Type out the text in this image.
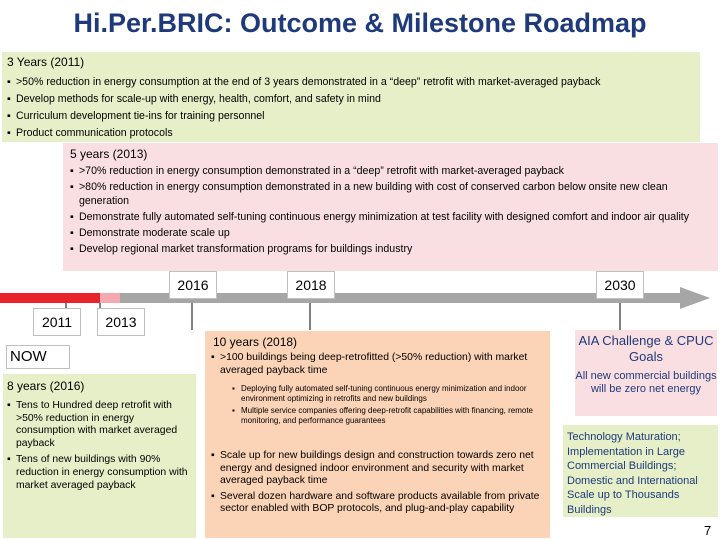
Hi.Per.BRIC: Outcome & Milestone Roadmap
3 Years (2011)
▪ >50% reduction in energy consumption at the end of 3 years demonstrated in a “deep” retrofit with market-averaged payback
▪ Develop methods for scale-up with energy, health, comfort, and safety in mind
▪ Curriculum development tie-ins for training personnel
▪ Product communication protocols
5 years (2013)
▪ >70% reduction in energy consumption demonstrated in a “deep” retrofit with market-averaged payback
▪ >80% reduction in energy consumption demonstrated in a new building with cost of conserved carbon below onsite new clean generation
▪ Demonstrate fully automated self-tuning continuous energy minimization at test facility with designed comfort and indoor air quality
▪ Demonstrate moderate scale up
▪ Develop regional market transformation programs for buildings industry
2016	2018	2030
2011	2013
NOW
8 years (2016)
▪ Tens to Hundred deep retrofit with >50% reduction in energy consumption with market averaged payback
▪ Tens of new buildings with 90% reduction in energy consumption with market averaged payback
10 years (2018)
▪ >100 buildings being deep-retrofitted (>50% reduction) with market averaged payback time
▪ Deploying fully automated self-tuning continuous energy minimization and indoor environment optimizing in retrofits and new buildings
▪ Multiple service companies offering deep-retrofit capabilities with financing, remote monitoring, and performance guarantees
▪ Scale up for new buildings design and construction towards zero net energy and designed indoor environment and security with market averaged payback time
▪ Several dozen hardware and software products available from private sector enabled with BOP protocols, and plug-and-play capability
AIA Challenge & CPUC Goals
All new commercial buildings will be zero net energy
Technology Maturation; Implementation in Large Commercial Buildings; Domestic and International Scale up to Thousands Buildings
7
